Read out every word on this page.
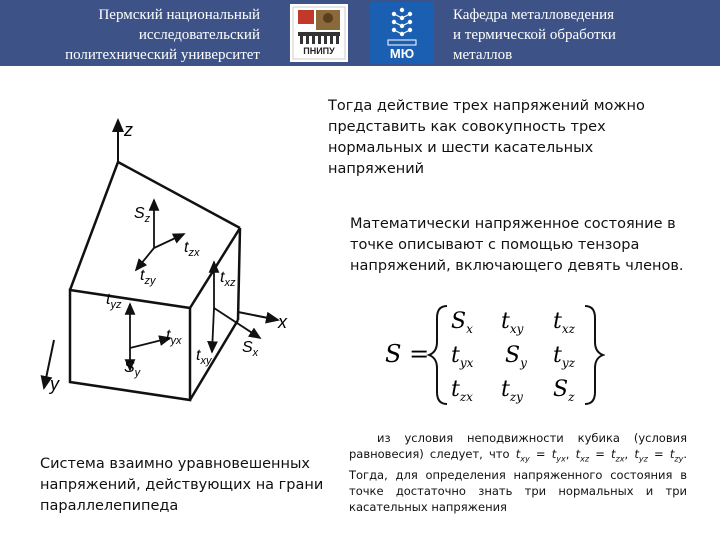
Пермский национальный
исследовательский
политехнический университет	ПНИПУ	МЮ
Кафедра металловедения
и термической обработки
металлов
z
x
y
$S_z$
$t_{zx}$
$t_{zy}$	$t_{xz}$
$t_{yz}$
$t_{yx}$
$S_y$
$t_{xy}$
$S_x$
Тогда действие трех напряжений можно
представить как совокупность трех
нормальных и шести касательных
напряжений
Математически напряженное состояние в
точке описывают с помощью тензора
напряжений, включающего девять членов.
S =
$S_x$ $t_{xy}$ $t_{xz}$
$t_{yx}$ $S_y$ $t_{yz}$
$t_{zx}$ $t_{zy}$ $S_z$
Система взаимно уравновешенных
напряжений, действующих на грани
параллелепипеда
из условия неподвижности кубика (условия равновесия) следует, что $t_{xy} = t_{yx}$, $t_{xz} = t_{zx}$, $t_{yz} = t_{zy}$. Тогда, для определения напряженного состояния в точке достаточно знать три нормальных и три касательных напряжения
